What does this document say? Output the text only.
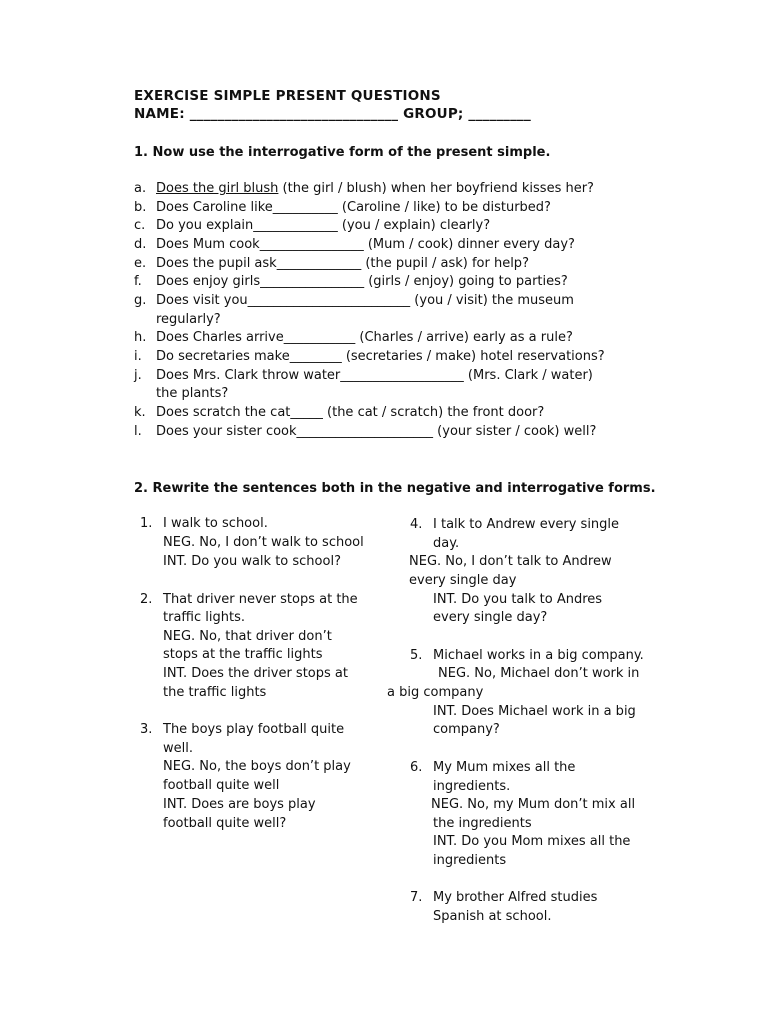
EXERCISE SIMPLE PRESENT QUESTIONS
NAME: ______________________________ GROUP; _________
1. Now use the interrogative form of the present simple.
a. Does the girl blush (the girl / blush) when her boyfriend kisses her?
b. Does Caroline like__________ (Caroline / like) to be disturbed?
c. Do you explain_____________ (you / explain) clearly?
d. Does Mum cook________________ (Mum / cook) dinner every day?
e. Does the pupil ask_____________ (the pupil / ask) for help?
f. Does enjoy girls________________ (girls / enjoy) going to parties?
g. Does visit you_________________________ (you / visit) the museum
regularly?
h. Does Charles arrive___________ (Charles / arrive) early as a rule?
i. Do secretaries make________ (secretaries / make) hotel reservations?
j. Does Mrs. Clark throw water___________________ (Mrs. Clark / water)
the plants?
k. Does scratch the cat_____ (the cat / scratch) the front door?
l. Does your sister cook_____________________ (your sister / cook) well?
2. Rewrite the sentences both in the negative and interrogative forms.
1. I walk to school.
NEG. No, I don’t walk to school
INT. Do you walk to school?
2. That driver never stops at the
traffic lights.
NEG. No, that driver don’t
stops at the traffic lights
INT. Does the driver stops at
the traffic lights
3. The boys play football quite
well.
NEG. No, the boys don’t play
football quite well
INT. Does are boys play
football quite well?
4. I talk to Andrew every single
day.
NEG. No, I don’t talk to Andrew
every single day
INT. Do you talk to Andres
every single day?
5. Michael works in a big company.
NEG. No, Michael don’t work in
a big company
INT. Does Michael work in a big
company?
6. My Mum mixes all the
ingredients.
NEG. No, my Mum don’t mix all
the ingredients
INT. Do you Mom mixes all the
ingredients
7. My brother Alfred studies
Spanish at school.
